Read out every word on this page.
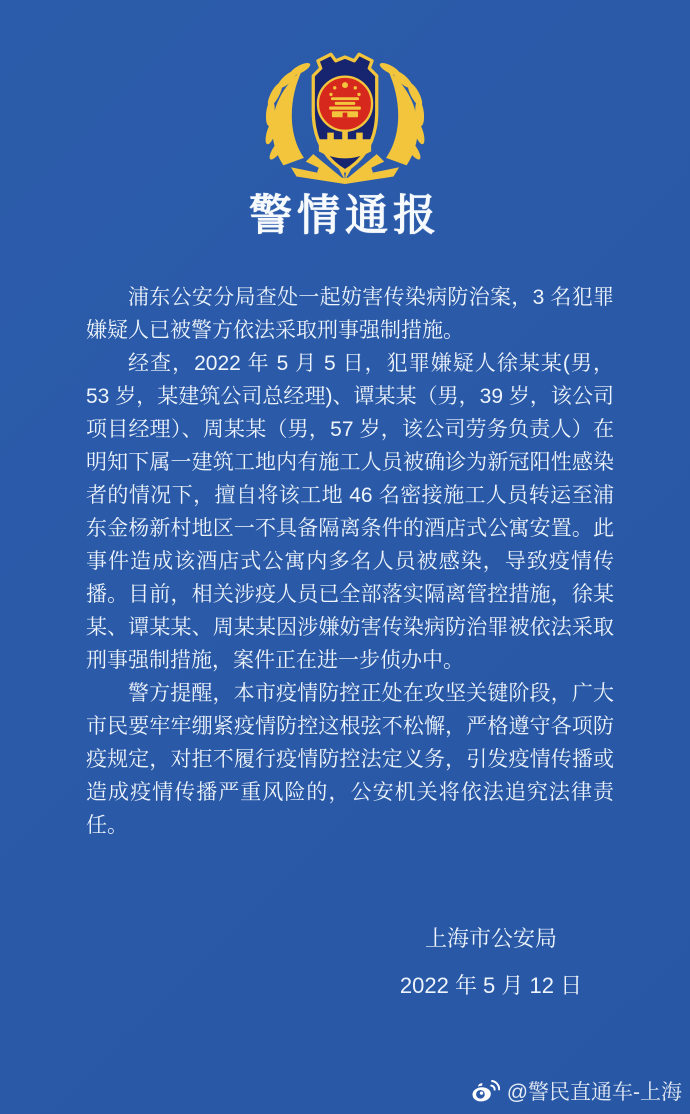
警情通报

浦东公安分局查处一起妨害传染病防治案，3 名犯罪嫌疑人已被警方依法采取刑事强制措施。

经查，2022 年 5 月 5 日，犯罪嫌疑人徐某某(男，53 岁，某建筑公司总经理)、谭某某（男，39 岁，该公司项目经理）、周某某（男，57 岁，该公司劳务负责人）在明知下属一建筑工地内有施工人员被确诊为新冠阳性感染者的情况下，擅自将该工地 46 名密接施工人员转运至浦东金杨新村地区一不具备隔离条件的酒店式公寓安置。此事件造成该酒店式公寓内多名人员被感染，导致疫情传播。目前，相关涉疫人员已全部落实隔离管控措施，徐某某、谭某某、周某某因涉嫌妨害传染病防治罪被依法采取刑事强制措施，案件正在进一步侦办中。

警方提醒，本市疫情防控正处在攻坚关键阶段，广大市民要牢牢绷紧疫情防控这根弦不松懈，严格遵守各项防疫规定，对拒不履行疫情防控法定义务，引发疫情传播或造成疫情传播严重风险的，公安机关将依法追究法律责任。

上海市公安局
2022 年 5 月 12 日
@警民直通车-上海
